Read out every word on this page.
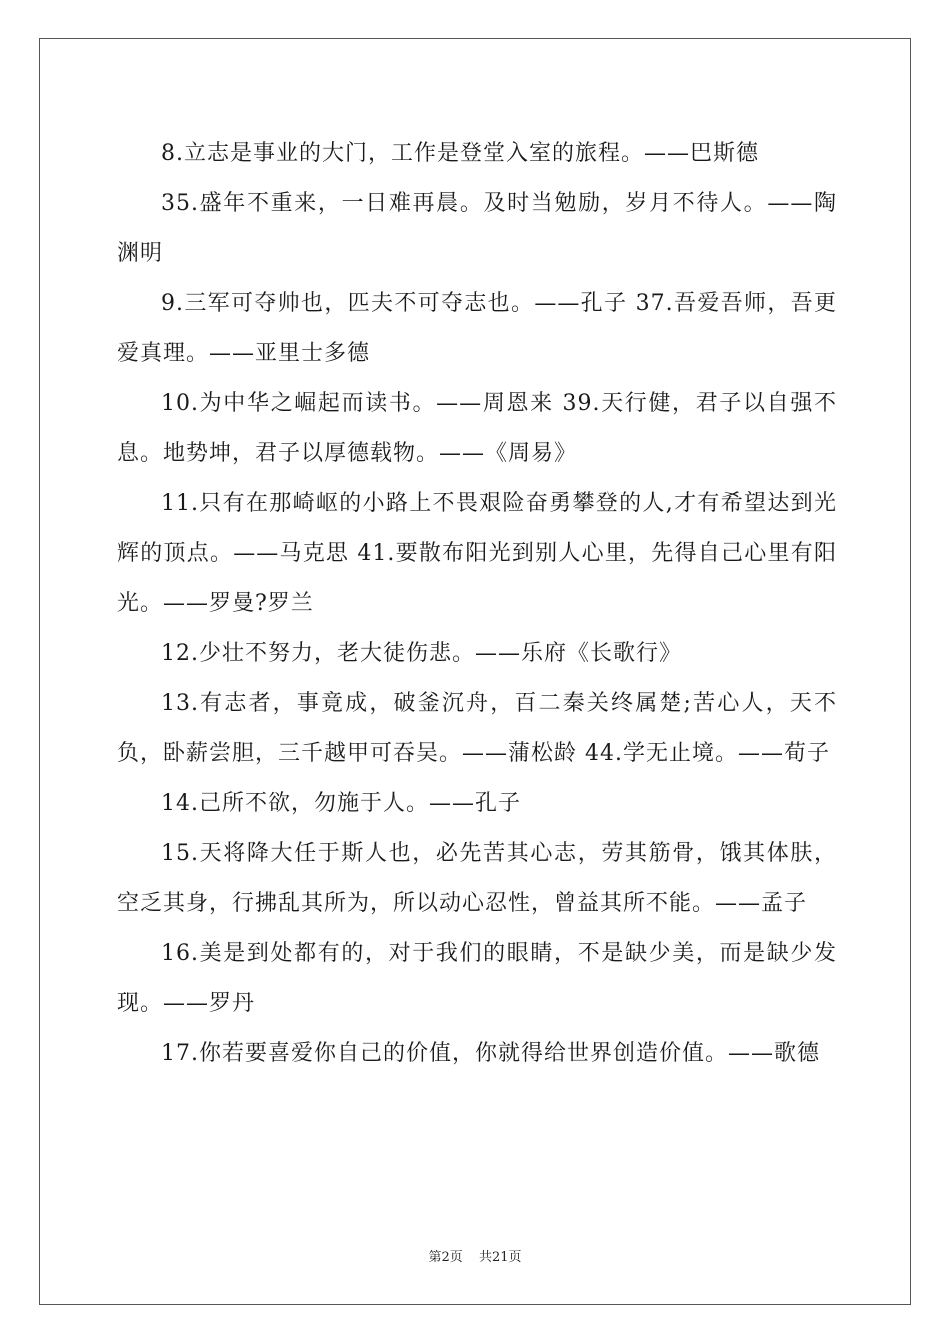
8.立志是事业的大门，工作是登堂入室的旅程。——巴斯德

35.盛年不重来，一日难再晨。及时当勉励，岁月不待人。——陶渊明

9.三军可夺帅也，匹夫不可夺志也。——孔子 37.吾爱吾师，吾更爱真理。——亚里士多德

10.为中华之崛起而读书。——周恩来 39.天行健，君子以自强不息。地势坤，君子以厚德载物。——《周易》

11.只有在那崎岖的小路上不畏艰险奋勇攀登的人,才有希望达到光辉的顶点。——马克思 41.要散布阳光到别人心里，先得自己心里有阳光。——罗曼?罗兰

12.少壮不努力，老大徒伤悲。——乐府《长歌行》

13.有志者，事竟成，破釜沉舟，百二秦关终属楚;苦心人，天不负，卧薪尝胆，三千越甲可吞吴。——蒲松龄 44.学无止境。——荀子

14.己所不欲，勿施于人。——孔子

15.天将降大任于斯人也，必先苦其心志，劳其筋骨，饿其体肤，空乏其身，行拂乱其所为，所以动心忍性，曾益其所不能。——孟子

16.美是到处都有的，对于我们的眼睛，不是缺少美，而是缺少发现。——罗丹

17.你若要喜爱你自己的价值，你就得给世界创造价值。——歌德

第2页 共21页
